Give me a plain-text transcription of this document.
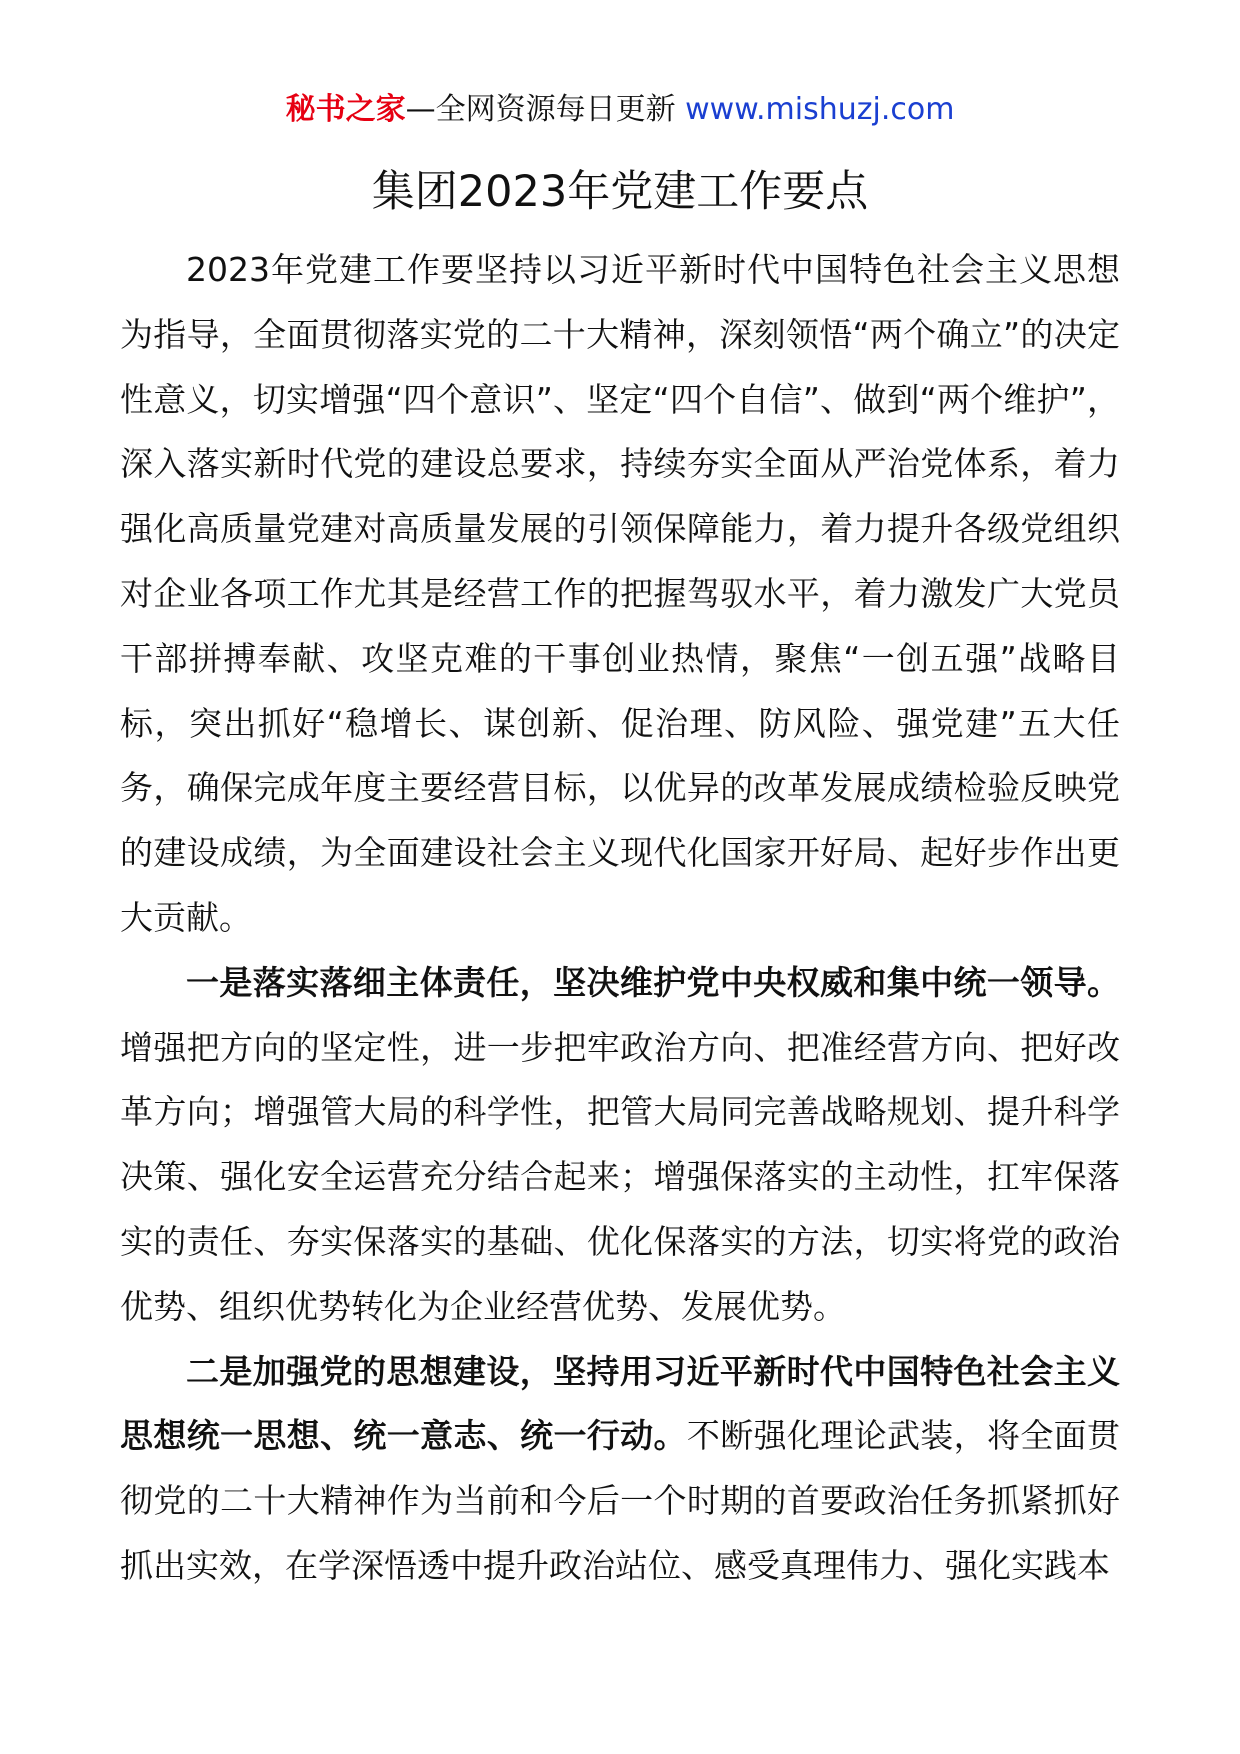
秘书之家—全网资源每日更新 www.mishuzj.com
集团2023年党建工作要点

2023年党建工作要坚持以习近平新时代中国特色社会主义思想为指导，全面贯彻落实党的二十大精神，深刻领悟“两个确立”的决定性意义，切实增强“四个意识”、坚定“四个自信”、做到“两个维护”，深入落实新时代党的建设总要求，持续夯实全面从严治党体系，着力强化高质量党建对高质量发展的引领保障能力，着力提升各级党组织对企业各项工作尤其是经营工作的把握驾驭水平，着力激发广大党员干部拼搏奉献、攻坚克难的干事创业热情，聚焦“一创五强”战略目标，突出抓好“稳增长、谋创新、促治理、防风险、强党建”五大任务，确保完成年度主要经营目标，以优异的改革发展成绩检验反映党的建设成绩，为全面建设社会主义现代化国家开好局、起好步作出更大贡献。

一是落实落细主体责任，坚决维护党中央权威和集中统一领导。增强把方向的坚定性，进一步把牢政治方向、把准经营方向、把好改革方向；增强管大局的科学性，把管大局同完善战略规划、提升科学决策、强化安全运营充分结合起来；增强保落实的主动性，扛牢保落实的责任、夯实保落实的基础、优化保落实的方法，切实将党的政治优势、组织优势转化为企业经营优势、发展优势。

二是加强党的思想建设，坚持用习近平新时代中国特色社会主义思想统一思想、统一意志、统一行动。不断强化理论武装，将全面贯彻党的二十大精神作为当前和今后一个时期的首要政治任务抓紧抓好抓出实效，在学深悟透中提升政治站位、感受真理伟力、强化实践本
